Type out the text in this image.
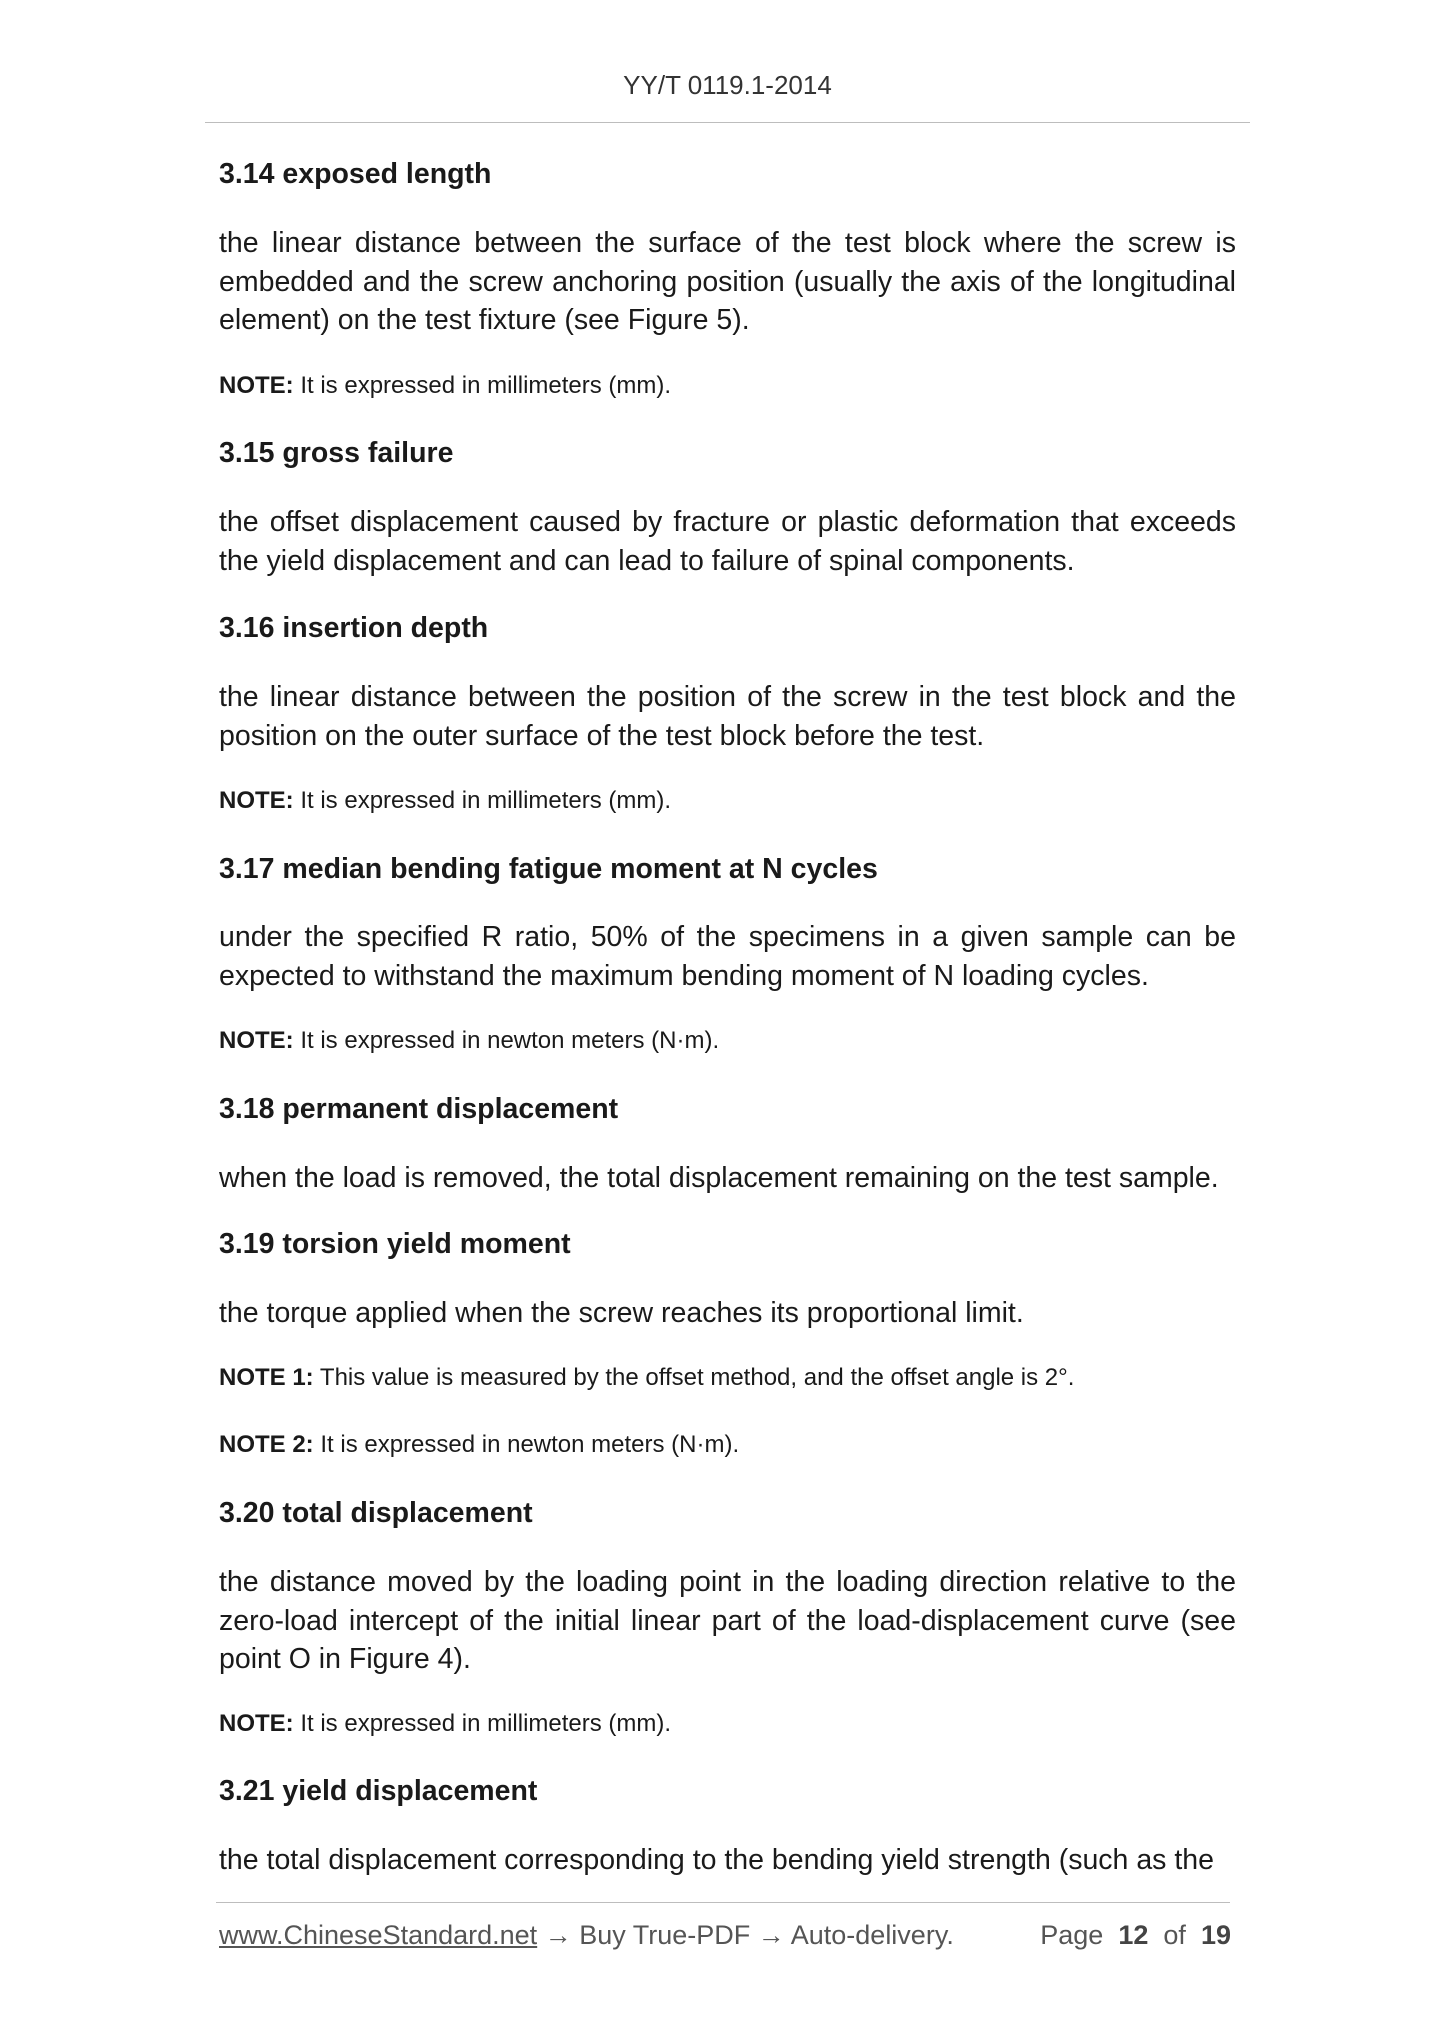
YY/T 0119.1-2014
3.14 exposed length
the linear distance between the surface of the test block where the screw is embedded and the screw anchoring position (usually the axis of the longitudinal element) on the test fixture (see Figure 5).
NOTE: It is expressed in millimeters (mm).
3.15 gross failure
the offset displacement caused by fracture or plastic deformation that exceeds the yield displacement and can lead to failure of spinal components.
3.16 insertion depth
the linear distance between the position of the screw in the test block and the position on the outer surface of the test block before the test.
NOTE: It is expressed in millimeters (mm).
3.17 median bending fatigue moment at N cycles
under the specified R ratio, 50% of the specimens in a given sample can be expected to withstand the maximum bending moment of N loading cycles.
NOTE: It is expressed in newton meters (N·m).
3.18 permanent displacement
when the load is removed, the total displacement remaining on the test sample.
3.19 torsion yield moment
the torque applied when the screw reaches its proportional limit.
NOTE 1: This value is measured by the offset method, and the offset angle is 2°.
NOTE 2: It is expressed in newton meters (N·m).
3.20 total displacement
the distance moved by the loading point in the loading direction relative to the zero-load intercept of the initial linear part of the load-displacement curve (see point O in Figure 4).
NOTE: It is expressed in millimeters (mm).
3.21 yield displacement
the total displacement corresponding to the bending yield strength (such as the
www.ChineseStandard.net → Buy True-PDF → Auto-delivery.	Page 12 of 19
